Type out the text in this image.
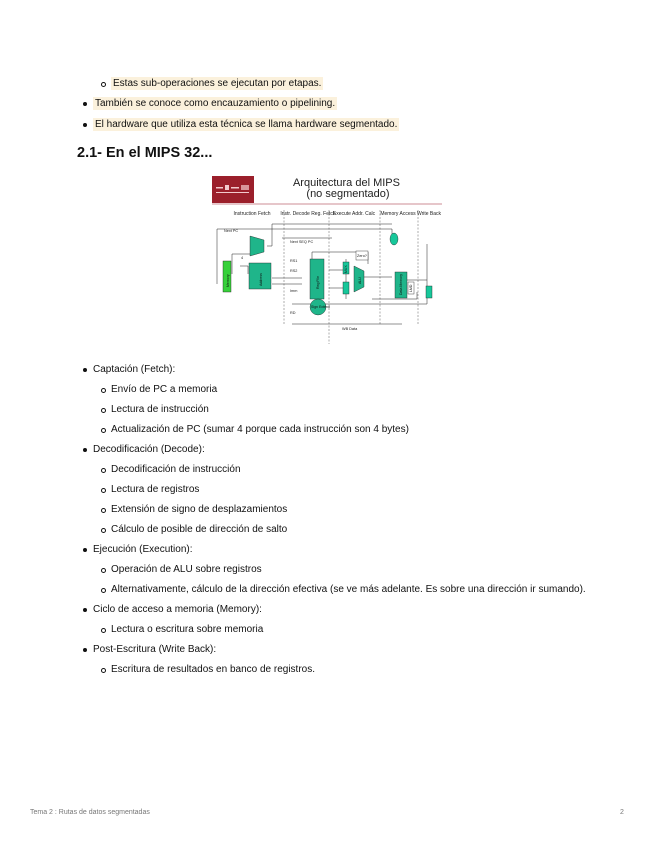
Estas sub-operaciones se ejecutan por etapas.
También se conoce como encauzamiento o pipelining.
El hardware que utiliza esta técnica se llama hardware segmentado.
2.1- En el MIPS 32...
Arquitectura del MIPS (no segmentado)
Instruction Fetch Instr. Decode Reg. Fetch
Execute Addr. Calc Memory Access Write Back
Next PC
4
Next SEQ PC
RS1
RS2
Imm
RD
WB Data
Zero?
Memory	Address	Reg File
Sign Extend
MUX
ALU	Data Memory LMD
Captación (Fetch):
Envío de PC a memoria
Lectura de instrucción
Actualización de PC (sumar 4 porque cada instrucción son 4 bytes)
Decodificación (Decode):
Decodificación de instrucción
Lectura de registros
Extensión de signo de desplazamientos
Cálculo de posible de dirección de salto
Ejecución (Execution):
Operación de ALU sobre registros
Alternativamente, cálculo de la dirección efectiva (se ve más adelante. Es sobre una dirección ir sumando).
Ciclo de acceso a memoria (Memory):
Lectura o escritura sobre memoria
Post-Escritura (Write Back):
Escritura de resultados en banco de registros.
Tema 2 : Rutas de datos segmentadas	2
